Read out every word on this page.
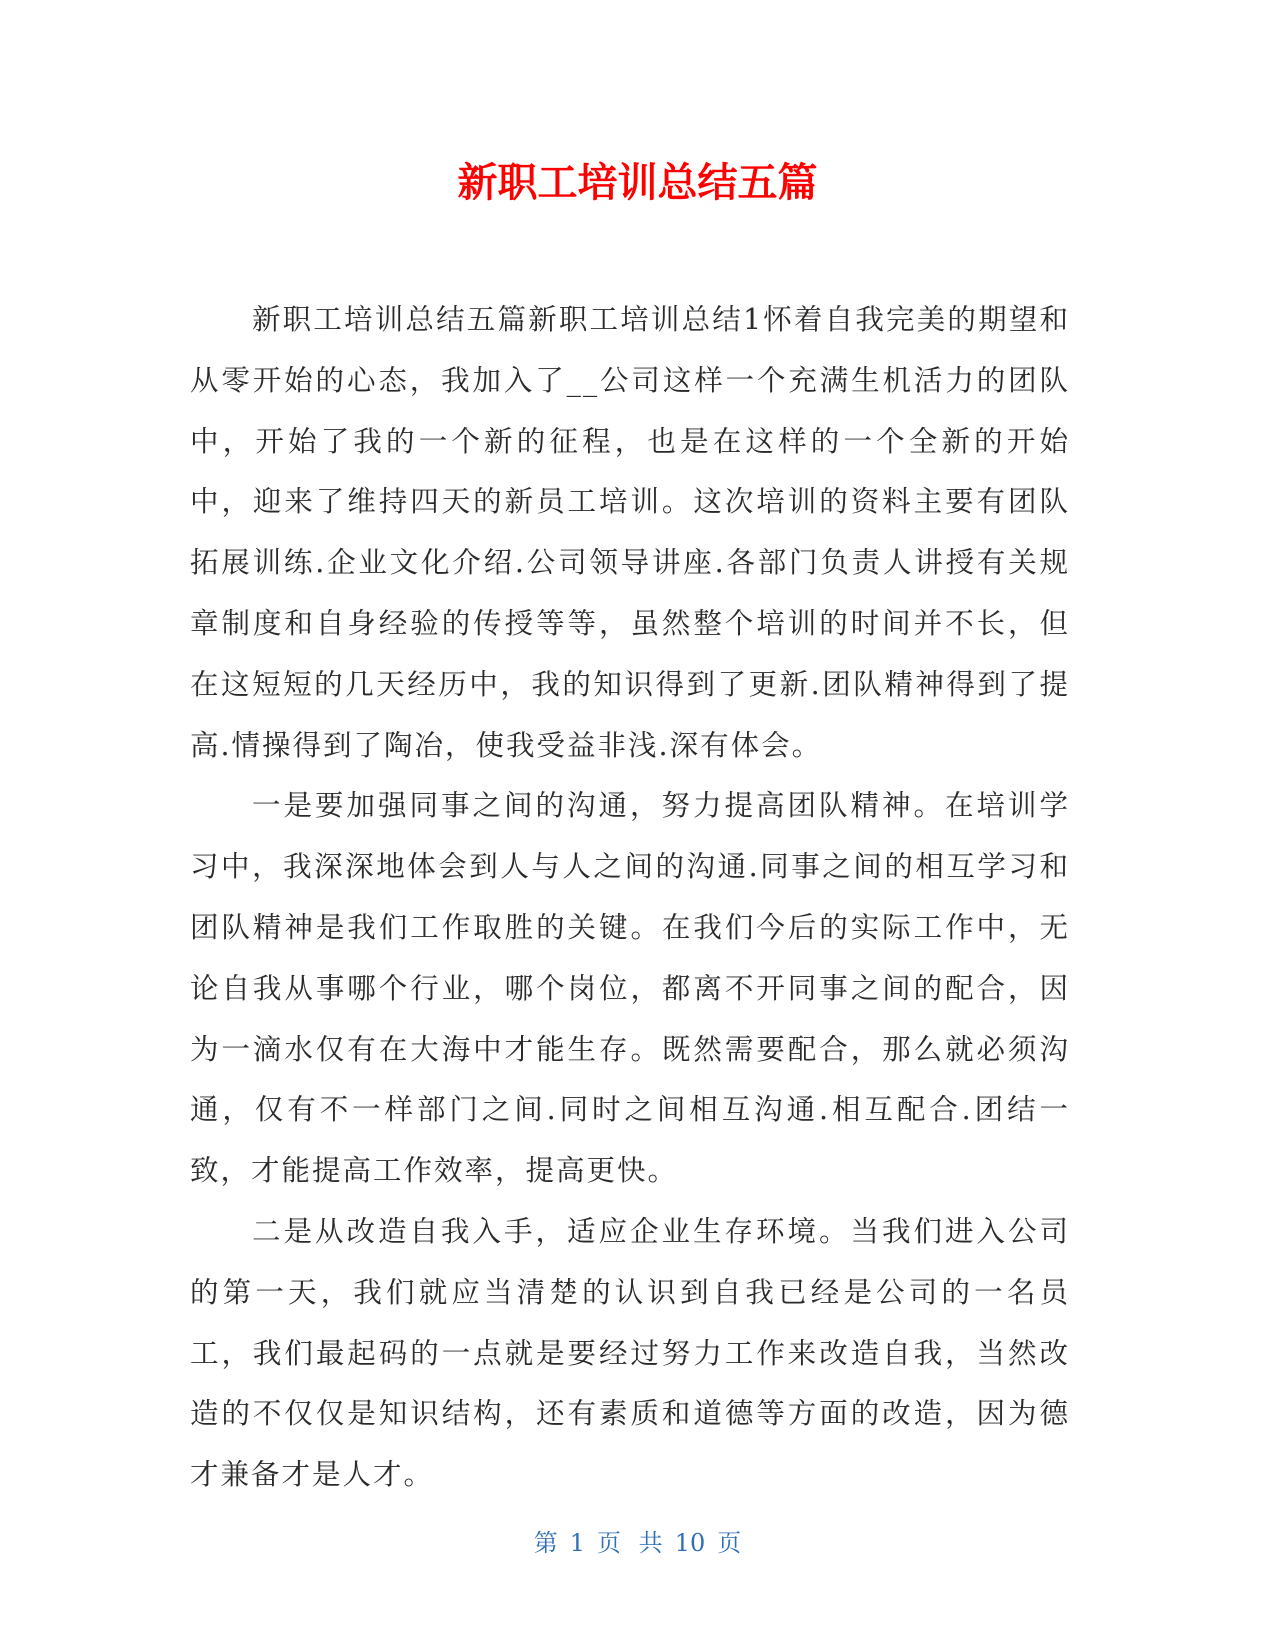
新职工培训总结五篇

新职工培训总结五篇新职工培训总结1怀着自我完美的期望和从零开始的心态，我加入了__公司这样一个充满生机活力的团队中，开始了我的一个新的征程，也是在这样的一个全新的开始中，迎来了维持四天的新员工培训。这次培训的资料主要有团队拓展训练.企业文化介绍.公司领导讲座.各部门负责人讲授有关规章制度和自身经验的传授等等，虽然整个培训的时间并不长，但在这短短的几天经历中，我的知识得到了更新.团队精神得到了提高.情操得到了陶冶，使我受益非浅.深有体会。

一是要加强同事之间的沟通，努力提高团队精神。在培训学习中，我深深地体会到人与人之间的沟通.同事之间的相互学习和团队精神是我们工作取胜的关键。在我们今后的实际工作中，无论自我从事哪个行业，哪个岗位，都离不开同事之间的配合，因为一滴水仅有在大海中才能生存。既然需要配合，那么就必须沟通，仅有不一样部门之间.同时之间相互沟通.相互配合.团结一致，才能提高工作效率，提高更快。

二是从改造自我入手，适应企业生存环境。当我们进入公司的第一天，我们就应当清楚的认识到自我已经是公司的一名员工，我们最起码的一点就是要经过努力工作来改造自我，当然改造的不仅仅是知识结构，还有素质和道德等方面的改造，因为德才兼备才是人才。

第 1 页 共 10 页
